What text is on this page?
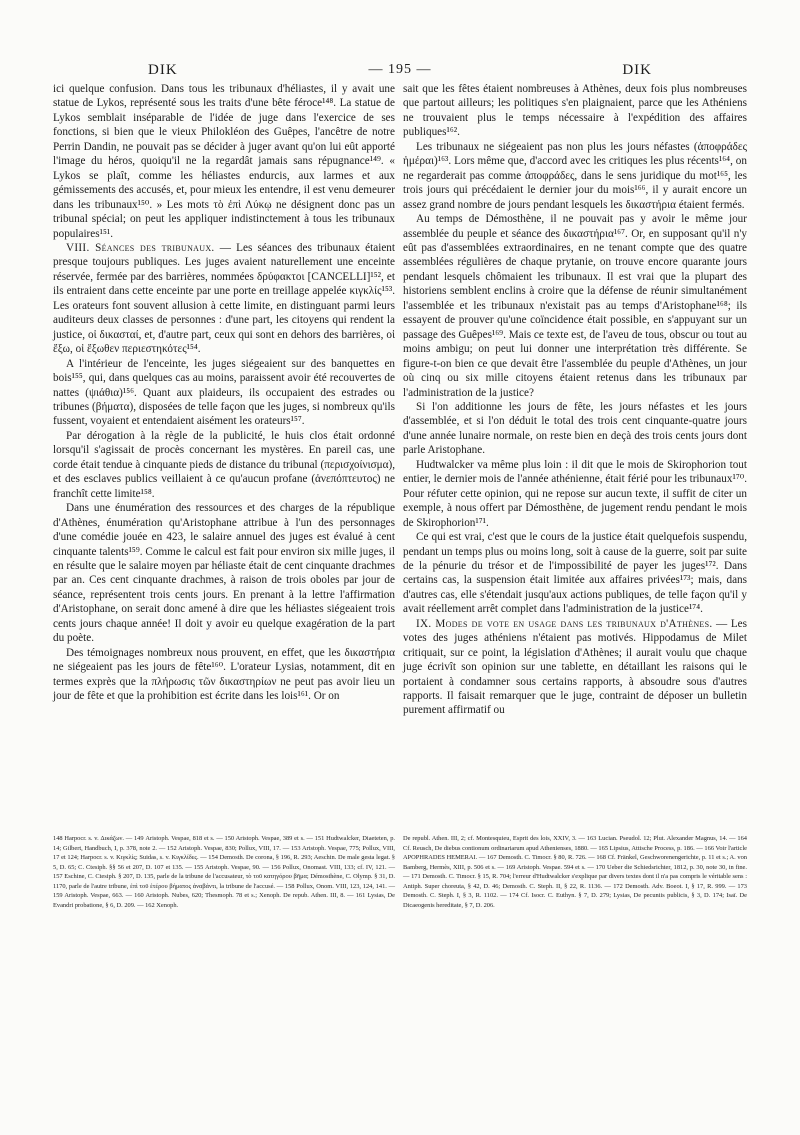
DIK	— 195 —	DIK

ici quelque confusion. Dans tous les tribunaux d'héliastes, il y avait une statue de Lykos, représenté sous les traits d'une bête féroce¹⁴⁸. La statue de Lykos semblait inséparable de l'idée de juge dans l'exercice de ses fonctions, si bien que le vieux Philokléon des Guêpes, l'ancêtre de notre Perrin Dandin, ne pouvait pas se décider à juger avant qu'on lui eût apporté l'image du héros, quoiqu'il ne la regardât jamais sans répugnance¹⁴⁹. « Lykos se plaît, comme les héliastes endurcis, aux larmes et aux gémissements des accusés, et, pour mieux les entendre, il est venu demeurer dans les tribunaux¹⁵⁰. » Les mots τὸ ἐπὶ Λύκῳ ne désignent donc pas un tribunal spécial; on peut les appliquer indistinctement à tous les tribunaux populaires¹⁵¹.

VIII. Séances des tribunaux. — Les séances des tribunaux étaient presque toujours publiques. Les juges avaient naturellement une enceinte réservée, fermée par des barrières, nommées δρύφακτοι [CANCELLI]¹⁵², et ils entraient dans cette enceinte par une porte en treillage appelée κιγκλίς¹⁵³. Les orateurs font souvent allusion à cette limite, en distinguant parmi leurs auditeurs deux classes de personnes : d'une part, les citoyens qui rendent la justice, οἱ δικασταί, et, d'autre part, ceux qui sont en dehors des barrières, οἱ ἔξω, οἱ ἔξωθεν περιεστηκότες¹⁵⁴.

A l'intérieur de l'enceinte, les juges siégeaient sur des banquettes en bois¹⁵⁵, qui, dans quelques cas au moins, paraissent avoir été recouvertes de nattes (ψιάθια)¹⁵⁶. Quant aux plaideurs, ils occupaient des estrades ou tribunes (βήματα), disposées de telle façon que les juges, si nombreux qu'ils fussent, voyaient et entendaient aisément les orateurs¹⁵⁷.

Par dérogation à la règle de la publicité, le huis clos était ordonné lorsqu'il s'agissait de procès concernant les mystères. En pareil cas, une corde était tendue à cinquante pieds de distance du tribunal (περισχοίνισμα), et des esclaves publics veillaient à ce qu'aucun profane (ἀνεπόπτευτος) ne franchît cette limite¹⁵⁸.

Dans une énumération des ressources et des charges de la république d'Athènes, énumération qu'Aristophane attribue à l'un des personnages d'une comédie jouée en 423, le salaire annuel des juges est évalué à cent cinquante talents¹⁵⁹. Comme le calcul est fait pour environ six mille juges, il en résulte que le salaire moyen par héliaste était de cent cinquante drachmes par an. Ces cent cinquante drachmes, à raison de trois oboles par jour de séance, représentent trois cents jours. En prenant à la lettre l'affirmation d'Aristophane, on serait donc amené à dire que les héliastes siégeaient trois cents jours chaque année! Il doit y avoir eu quelque exagération de la part du poète.

Des témoignages nombreux nous prouvent, en effet, que les δικαστήρια ne siégeaient pas les jours de fête¹⁶⁰. L'orateur Lysias, notamment, dit en termes exprès que la πλήρωσις τῶν δικαστηρίων ne peut pas avoir lieu un jour de fête et que la prohibition est écrite dans les lois¹⁶¹. Or on

sait que les fêtes étaient nombreuses à Athènes, deux fois plus nombreuses que partout ailleurs; les politiques s'en plaignaient, parce que les Athéniens ne trouvaient plus le temps nécessaire à l'expédition des affaires publiques¹⁶².

Les tribunaux ne siégeaient pas non plus les jours néfastes (ἀποφράδες ἡμέραι)¹⁶³. Lors même que, d'accord avec les critiques les plus récents¹⁶⁴, on ne regarderait pas comme ἀποφράδες, dans le sens juridique du mot¹⁶⁵, les trois jours qui précédaient le dernier jour du mois¹⁶⁶, il y aurait encore un assez grand nombre de jours pendant lesquels les δικαστήρια étaient fermés.

Au temps de Démosthène, il ne pouvait pas y avoir le même jour assemblée du peuple et séance des δικαστήρια¹⁶⁷. Or, en supposant qu'il n'y eût pas d'assemblées extraordinaires, en ne tenant compte que des quatre assemblées régulières de chaque prytanie, on trouve encore quarante jours pendant lesquels chômaient les tribunaux. Il est vrai que la plupart des historiens semblent enclins à croire que la défense de réunir simultanément l'assemblée et les tribunaux n'existait pas au temps d'Aristophane¹⁶⁸; ils essayent de prouver qu'une coïncidence était possible, en s'appuyant sur un passage des Guêpes¹⁶⁹. Mais ce texte est, de l'aveu de tous, obscur ou tout au moins ambigu; on peut lui donner une interprétation très différente. Se figure-t-on bien ce que devait être l'assemblée du peuple d'Athènes, un jour où cinq ou six mille citoyens étaient retenus dans les tribunaux par l'administration de la justice?

Si l'on additionne les jours de fête, les jours néfastes et les jours d'assemblée, et si l'on déduit le total des trois cent cinquante-quatre jours d'une année lunaire normale, on reste bien en deçà des trois cents jours dont parle Aristophane.

Hudtwalcker va même plus loin : il dit que le mois de Skirophorion tout entier, le dernier mois de l'année athénienne, était férié pour les tribunaux¹⁷⁰. Pour réfuter cette opinion, qui ne repose sur aucun texte, il suffit de citer un exemple, à nous offert par Démosthène, de jugement rendu pendant le mois de Skirophorion¹⁷¹.

Ce qui est vrai, c'est que le cours de la justice était quelquefois suspendu, pendant un temps plus ou moins long, soit à cause de la guerre, soit par suite de la pénurie du trésor et de l'impossibilité de payer les juges¹⁷². Dans certains cas, la suspension était limitée aux affaires privées¹⁷³; mais, dans d'autres cas, elle s'étendait jusqu'aux actions publiques, de telle façon qu'il y avait réellement arrêt complet dans l'administration de la justice¹⁷⁴.

IX. Modes de vote en usage dans les tribunaux d'Athènes. — Les votes des juges athéniens n'étaient pas motivés. Hippodamus de Milet critiquait, sur ce point, la législation d'Athènes; il aurait voulu que chaque juge écrivît son opinion sur une tablette, en détaillant les raisons qui le portaient à condamner sous certains rapports, à absoudre sous d'autres rapports. Il faisait remarquer que le juge, contraint de déposer un bulletin purement affirmatif ou

148 Harpocr. s. v. Δικάζων. — 149 Aristoph. Vespae, 818 et s. — 150 Aristoph. Vespae, 389 et s. — 151 Hudtwalcker, Diaeteten, p. 14; Gilbert, Handbuch, I, p. 378, note 2. — 152 Aristoph. Vespae, 830; Pollux, VIII, 17. — 153 Aristoph. Vespae, 775; Pollux, VIII, 17 et 124; Harpocr. s. v. Κιγκλίς; Suidas, s. v. Κιγκλίδες. — 154 Demosth. De corona, § 196, R. 293; Aeschin. De male gesta legat. § 5, D. 65; C. Ctesiph. §§ 56 et 207, D. 107 et 135. — 155 Aristoph. Vespae, 90. — 156 Pollux, Onomast. VIII, 133; cf. IV, 121. — 157 Eschine, C. Ctesiph. § 207, D. 135, parle de la tribune de l'accusateur, τὸ τοῦ κατηγόρου βῆμα; Démosthène, C. Olymp. § 31, D. 1170, parle de l'autre tribune, ἐπὶ τοῦ ἑτέρου βήματος ἀναβάντι, la tribune de l'accusé. — 158 Pollux, Onom. VIII, 123, 124, 141. — 159 Aristoph. Vespae, 663. — 160 Aristoph. Nubes, 620; Thesmoph. 78 et s.; Xenoph. De repub. Athen. III, 8. — 161 Lysias, De Evandri probatione, § 6, D. 209. — 162 Xenoph.

De republ. Athen. III, 2; cf. Montesquieu, Esprit des lois, XXIV, 3. — 163 Lucian. Pseudol. 12; Plut. Alexander Magnus, 14. — 164 Cf. Reusch, De diebus contionum ordinariarum apud Athenienses, 1880. — 165 Lipsius, Attische Process, p. 186. — 166 Voir l'article APOPHRADES HEMERAI. — 167 Demosth. C. Timocr. § 80, R. 726. — 168 Cf. Fränkel, Geschworenengerichte, p. 11 et s.; A. von Bamberg, Hermès, XIII, p. 506 et s. — 169 Aristoph. Vespae. 594 et s. — 170 Ueber die Schiedsrichter, 1812, p. 30, note 30, in fine. — 171 Demosth. C. Timocr. § 15, R. 704; l'erreur d'Hudtwalcker s'explique par divers textes dont il n'a pas compris le véritable sens : Antiph. Super choreuta, § 42, D. 46; Demosth. C. Steph. II, § 22, R. 1136. — 172 Demosth. Adv. Boeot. I, § 17, R. 999. — 173 Demosth. C. Steph. I, § 3, R. 1102. — 174 Cf. Isocr. C. Euthyn. § 7, D. 279; Lysias, De pecuniis publicis, § 3, D. 174; Isaï. De Dicaeogenis hereditate, § 7, D. 206.
